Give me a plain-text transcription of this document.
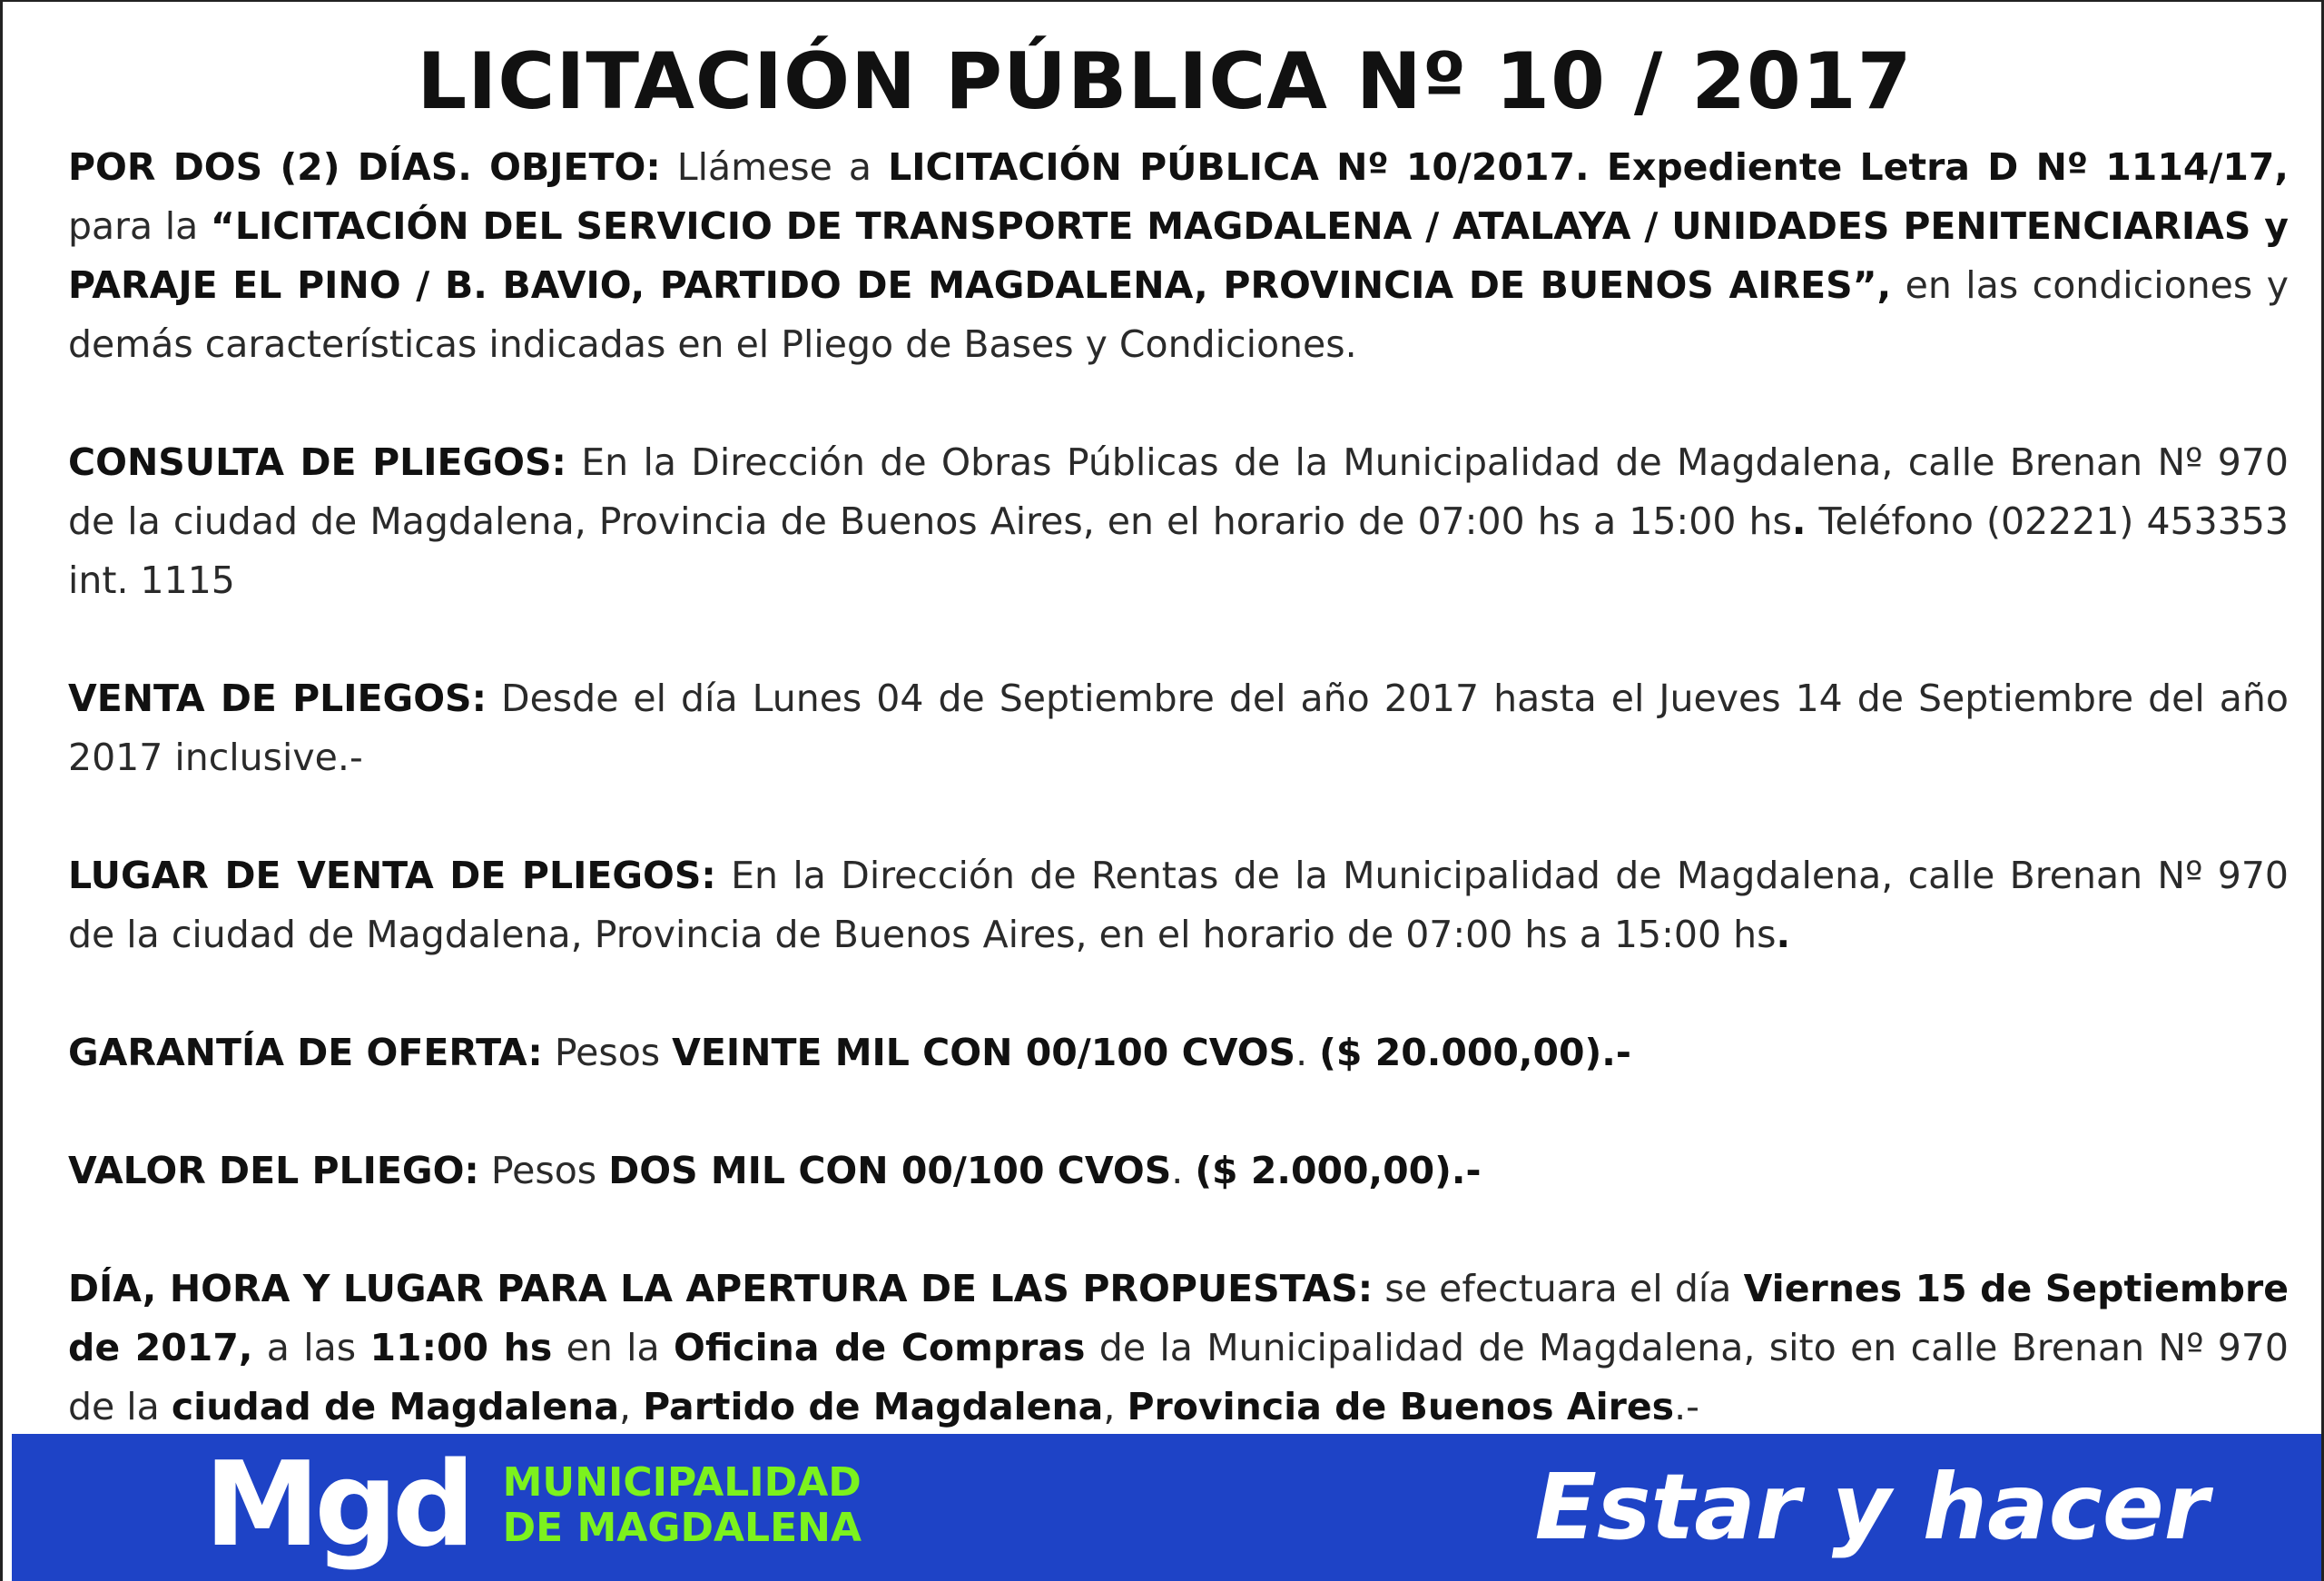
LICITACIÓN PÚBLICA Nº 10 / 2017

POR DOS (2) DÍAS. OBJETO: Llámese a LICITACIÓN PÚBLICA Nº 10/2017. Expediente Letra D Nº 1114/17, para la “LICITACIÓN DEL SERVICIO DE TRANSPORTE MAGDALENA / ATALAYA / UNIDADES PENITENCIARIAS y PARAJE EL PINO / B. BAVIO, PARTIDO DE MAGDALENA, PROVINCIA DE BUENOS AIRES”, en las condiciones y demás características indicadas en el Pliego de Bases y Condiciones.

CONSULTA DE PLIEGOS: En la Dirección de Obras Públicas de la Municipalidad de Magdalena, calle Brenan Nº 970 de la ciudad de Magdalena, Provincia de Buenos Aires, en el horario de 07:00 hs a 15:00 hs. Teléfono (02221) 453353 int. 1115

VENTA DE PLIEGOS: Desde el día Lunes 04 de Septiembre del año 2017 hasta el Jueves 14 de Septiembre del año 2017 inclusive.-

LUGAR DE VENTA DE PLIEGOS: En la Dirección de Rentas de la Municipalidad de Magdalena, calle Brenan Nº 970 de la ciudad de Magdalena, Provincia de Buenos Aires, en el horario de 07:00 hs a 15:00 hs.

GARANTÍA DE OFERTA: Pesos VEINTE MIL CON 00/100 CVOS. ($ 20.000,00).-

VALOR DEL PLIEGO: Pesos DOS MIL CON 00/100 CVOS. ($ 2.000,00).-

DÍA, HORA Y LUGAR PARA LA APERTURA DE LAS PROPUESTAS: se efectuara el día Viernes 15 de Septiembre de 2017, a las 11:00 hs en la Oficina de Compras de la Municipalidad de Magdalena, sito en calle Brenan Nº 970 de la ciudad de Magdalena, Partido de Magdalena, Provincia de Buenos Aires.-

Mgd MUNICIPALIDAD
DE MAGDALENA	Estar y hacer
